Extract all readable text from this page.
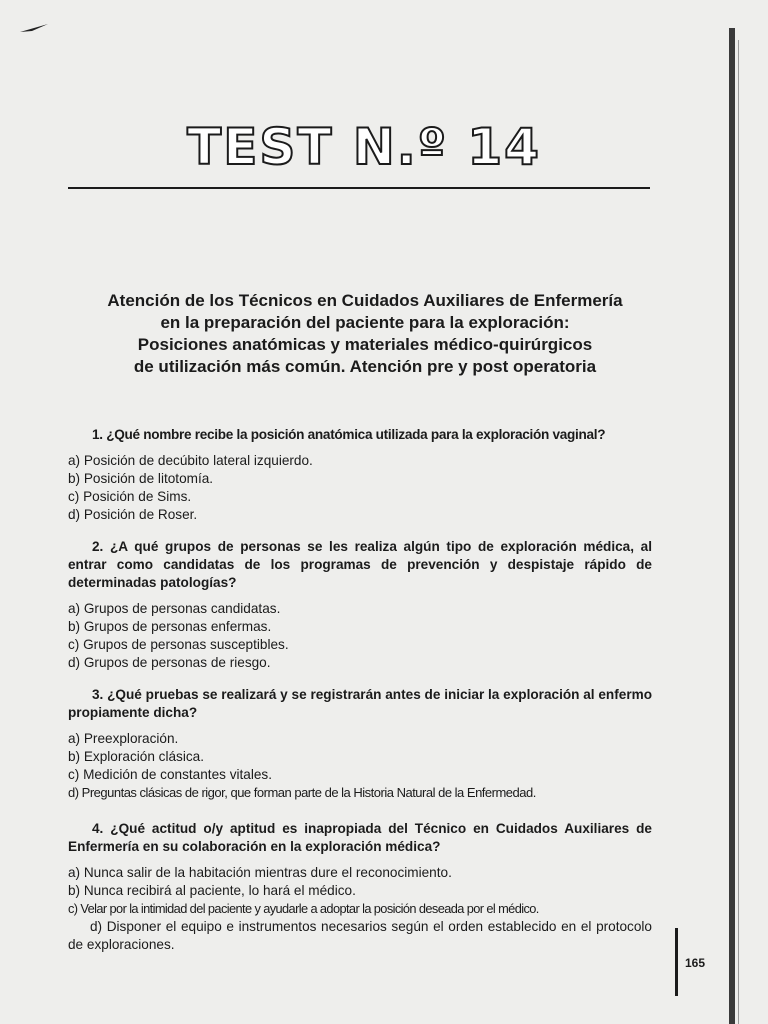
TEST N.º 14
Atención de los Técnicos en Cuidados Auxiliares de Enfermería
en la preparación del paciente para la exploración:
Posiciones anatómicas y materiales médico-quirúrgicos
de utilización más común. Atención pre y post operatoria

1. ¿Qué nombre recibe la posición anatómica utilizada para la exploración vaginal?

a) Posición de decúbito lateral izquierdo.
b) Posición de litotomía.
c) Posición de Sims.
d) Posición de Roser.

2. ¿A qué grupos de personas se les realiza algún tipo de exploración médica, al entrar como candidatas de los programas de prevención y despistaje rápido de determinadas patologías?

a) Grupos de personas candidatas.
b) Grupos de personas enfermas.
c) Grupos de personas susceptibles.
d) Grupos de personas de riesgo.

3. ¿Qué pruebas se realizará y se registrarán antes de iniciar la exploración al enfermo propiamente dicha?

a) Preexploración.
b) Exploración clásica.
c) Medición de constantes vitales.
d) Preguntas clásicas de rigor, que forman parte de la Historia Natural de la Enfermedad.

4. ¿Qué actitud o/y aptitud es inapropiada del Técnico en Cuidados Auxiliares de Enfermería en su colaboración en la exploración médica?

a) Nunca salir de la habitación mientras dure el reconocimiento.
b) Nunca recibirá al paciente, lo hará el médico.
c) Velar por la intimidad del paciente y ayudarle a adoptar la posición deseada por el médico.
d) Disponer el equipo e instrumentos necesarios según el orden establecido en el protocolo de exploraciones.
165
